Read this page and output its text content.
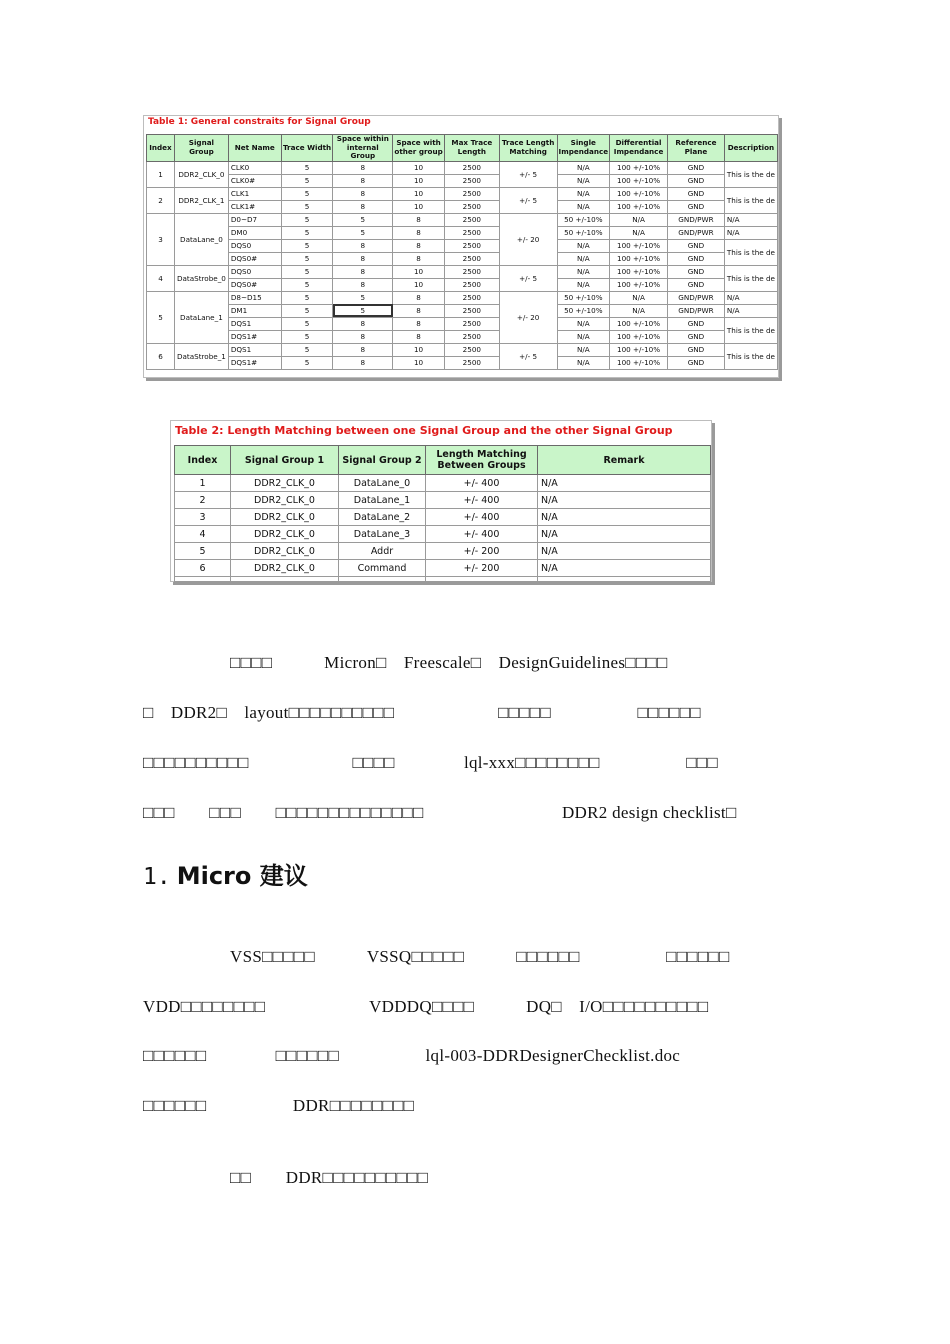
Table 1: General constraits for Signal Group
Index	Signal Group	Net Name	Trace Width	Space within internal Group	Space with other group	Max Trace Length	Trace Length Matching	Single Impendance	Differential Impendance	Reference Plane	Description
1	DDR2_CLK_0	CLK0	5	8	10	2500	+/- 5	N/A	100 +/-10%	GND	This is the de
		CLK0#	5	8	10	2500		N/A	100 +/-10%	GND	
2	DDR2_CLK_1	CLK1	5	8	10	2500	+/- 5	N/A	100 +/-10%	GND	This is the de
		CLK1#	5	8	10	2500		N/A	100 +/-10%	GND	
3	DataLane_0	D0~D7	5	5	8	2500	+/- 20	50 +/-10%	N/A	GND/PWR	N/A
		DM0	5	5	8	2500		50 +/-10%	N/A	GND/PWR	N/A
		DQS0	5	8	8	2500		N/A	100 +/-10%	GND	This is the de
		DQS0#	5	8	8	2500		N/A	100 +/-10%	GND	
4	DataStrobe_0	DQS0	5	8	10	2500	+/- 5	N/A	100 +/-10%	GND	This is the de
		DQS0#	5	8	10	2500		N/A	100 +/-10%	GND	
5	DataLane_1	D8~D15	5	5	8	2500	+/- 20	50 +/-10%	N/A	GND/PWR	N/A
		DM1	5	5	8	2500		50 +/-10%	N/A	GND/PWR	N/A
		DQS1	5	8	8	2500		N/A	100 +/-10%	GND	This is the de
		DQS1#	5	8	8	2500		N/A	100 +/-10%	GND	
6	DataStrobe_1	DQS1	5	8	10	2500	+/- 5	N/A	100 +/-10%	GND	This is the de
		DQS1#	5	8	10	2500		N/A	100 +/-10%	GND	
Table 2: Length Matching between one Signal Group and the other Signal Group
Index	Signal Group 1	Signal Group 2	Length Matching Between Groups	Remark
1	DDR2_CLK_0	DataLane_0	+/- 400	N/A
2	DDR2_CLK_0	DataLane_1	+/- 400	N/A
3	DDR2_CLK_0	DataLane_2	+/- 400	N/A
4	DDR2_CLK_0	DataLane_3	+/- 400	N/A
5	DDR2_CLK_0	Addr	+/- 200	N/A
6	DDR2_CLK_0	Command	+/- 200	N/A

□□□□　　　Micron□　Freescale□　DesignGuidelines□□□□
□　DDR2□　layout□□□□□□□□□□　　　　　　□□□□□　　　　　□□□□□□
□□□□□□□□□□　　　　　　□□□□　　　　lql-xxx□□□□□□□□　　　　　□□□
□□□　　□□□　　□□□□□□□□□□□□□□　　　　　　　　DDR2 design checklist□
1. Micro 建议
VSS□□□□□　　　VSSQ□□□□□　　　□□□□□□　　　　　□□□□□□
VDD□□□□□□□□　　　　　　VDDDQ□□□□　　　DQ□　I/O□□□□□□□□□□
□□□□□□　　　　□□□□□□　　　　　lql-003-DDRDesignerChecklist.doc
□□□□□□　　　　　DDR□□□□□□□□
□□　　DDR□□□□□□□□□□
